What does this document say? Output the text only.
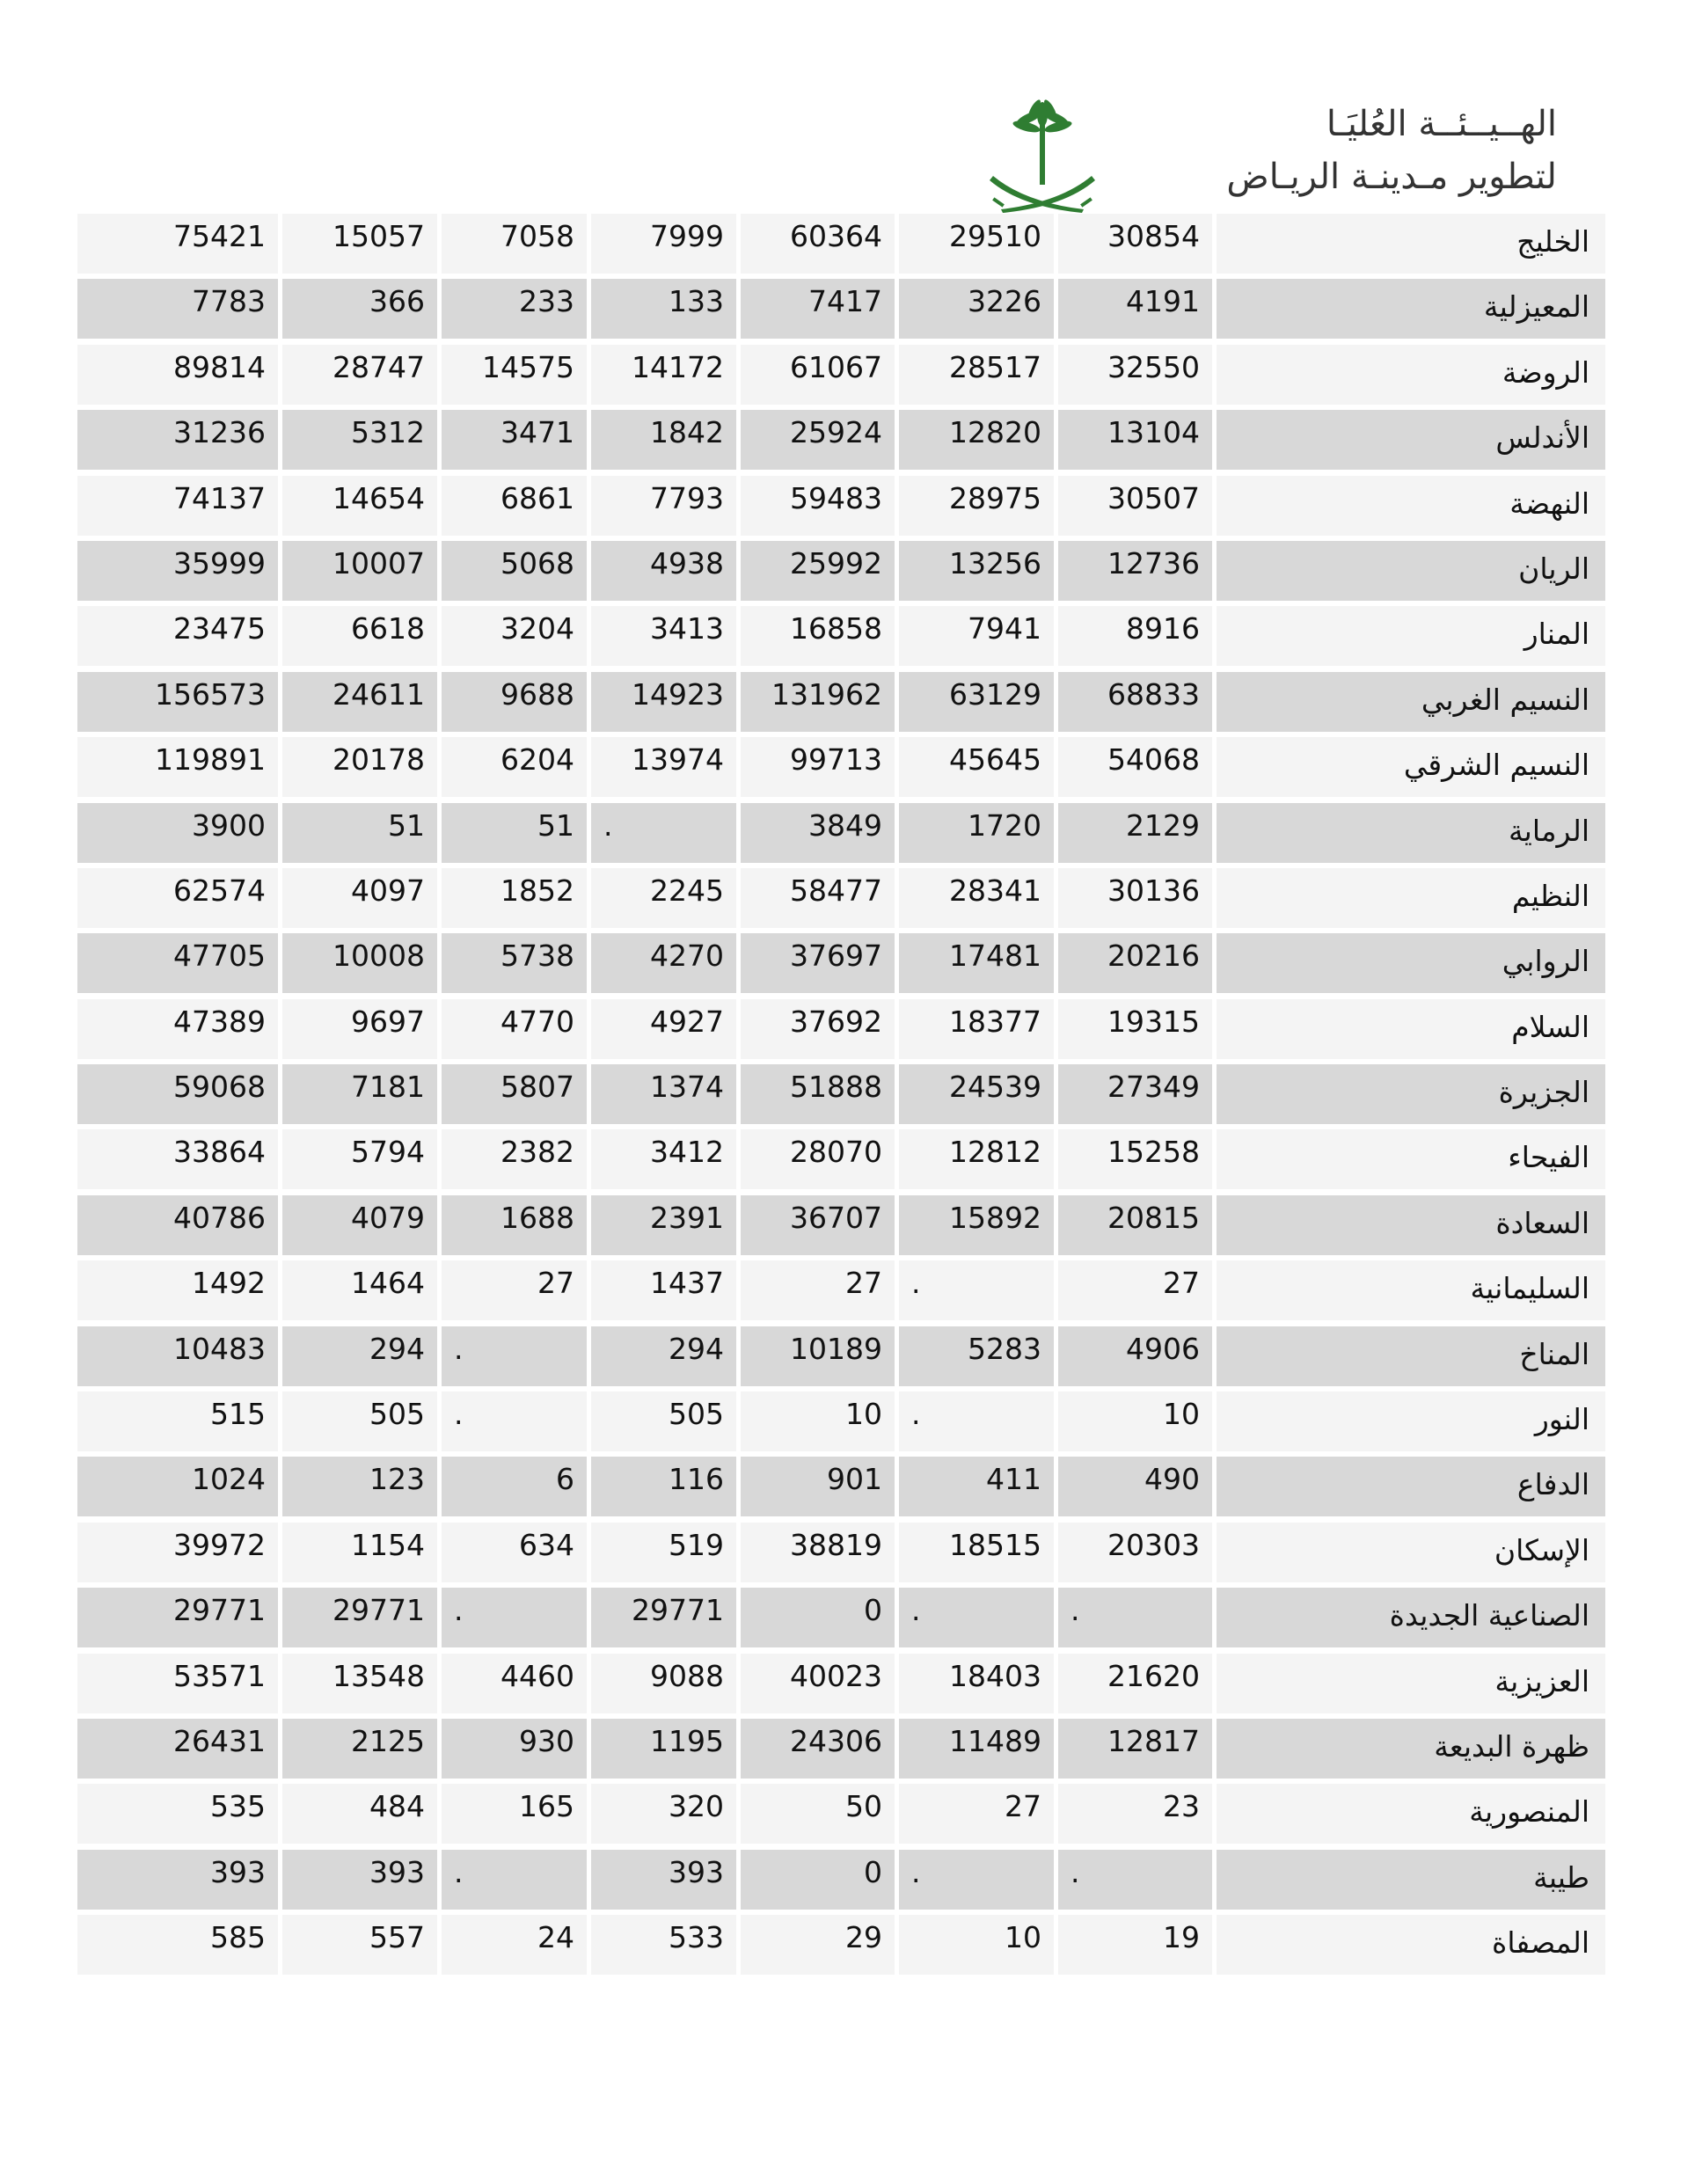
الهــيــئــة العُليَـا
لتطوير مـدينـة الريـاض
75421	15057	7058	7999	60364	29510	30854	الخليج
7783	366	233	133	7417	3226	4191	المعيزلية
89814	28747	14575	14172	61067	28517	32550	الروضة
31236	5312	3471	1842	25924	12820	13104	الأندلس
74137	14654	6861	7793	59483	28975	30507	النهضة
35999	10007	5068	4938	25992	13256	12736	الريان
23475	6618	3204	3413	16858	7941	8916	المنار
156573	24611	9688	14923	131962	63129	68833	النسيم الغربي
119891	20178	6204	13974	99713	45645	54068	النسيم الشرقي
3900	51	51	.	3849	1720	2129	الرماية
62574	4097	1852	2245	58477	28341	30136	النظيم
47705	10008	5738	4270	37697	17481	20216	الروابي
47389	9697	4770	4927	37692	18377	19315	السلام
59068	7181	5807	1374	51888	24539	27349	الجزيرة
33864	5794	2382	3412	28070	12812	15258	الفيحاء
40786	4079	1688	2391	36707	15892	20815	السعادة
1492	1464	27	1437	27	.	27	السليمانية
10483	294	.	294	10189	5283	4906	المناخ
515	505	.	505	10	.	10	النور
1024	123	6	116	901	411	490	الدفاع
39972	1154	634	519	38819	18515	20303	الإسكان
29771	29771	.	29771	0	.	.	الصناعية الجديدة
53571	13548	4460	9088	40023	18403	21620	العزيزية
26431	2125	930	1195	24306	11489	12817	ظهرة البديعة
535	484	165	320	50	27	23	المنصورية
393	393	.	393	0	.	.	طيبة
585	557	24	533	29	10	19	المصفاة
